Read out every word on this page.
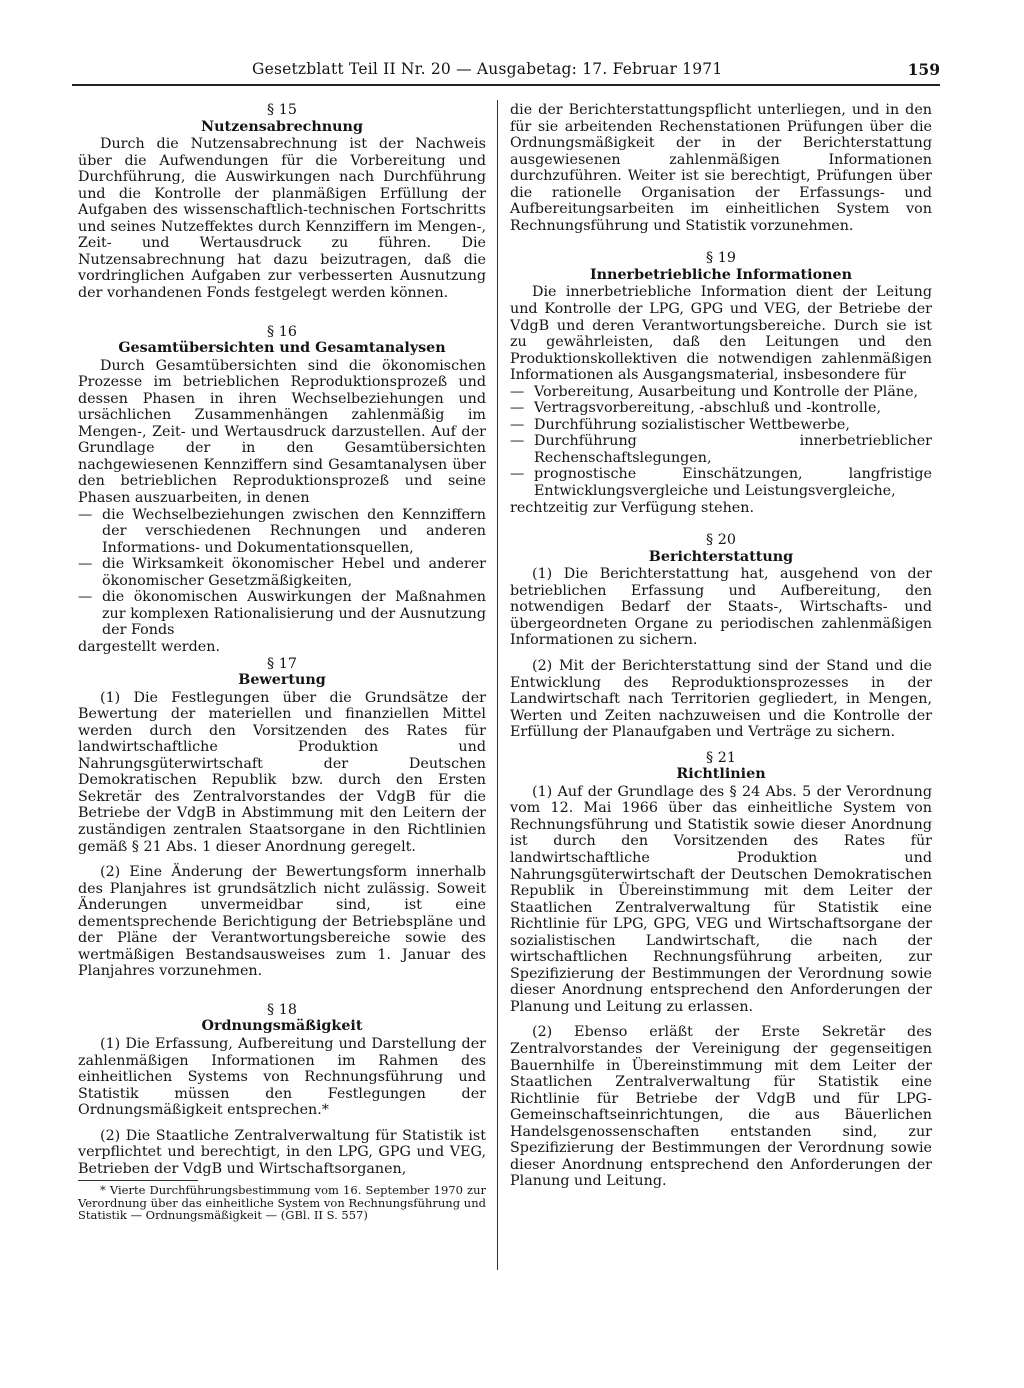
Gesetzblatt Teil II Nr. 20 — Ausgabetag: 17. Februar 1971	159
§ 15
Nutzensabrechnung

Durch die Nutzensabrechnung ist der Nachweis über die Aufwendungen für die Vorbereitung und Durchführung, die Auswirkungen nach Durchführung und die Kontrolle der planmäßigen Erfüllung der Aufgaben des wissenschaftlich-technischen Fortschritts und seines Nutzeffektes durch Kennziffern im Mengen-, Zeit- und Wertausdruck zu führen. Die Nutzensabrechnung hat dazu beizutragen, daß die vordringlichen Aufgaben zur verbesserten Ausnutzung der vorhandenen Fonds festgelegt werden können.

§ 16
Gesamtübersichten und Gesamtanalysen

Durch Gesamtübersichten sind die ökonomischen Prozesse im betrieblichen Reproduktionsprozeß und dessen Phasen in ihren Wechselbeziehungen und ursächlichen Zusammenhängen zahlenmäßig im Mengen-, Zeit- und Wertausdruck darzustellen. Auf der Grundlage der in den Gesamtübersichten nachgewiesenen Kennziffern sind Gesamtanalysen über den betrieblichen Reproduktionsprozeß und seine Phasen auszuarbeiten, in denen

— die Wechselbeziehungen zwischen den Kennziffern der verschiedenen Rechnungen und anderen Informations- und Dokumentationsquellen,
— die Wirksamkeit ökonomischer Hebel und anderer ökonomischer Gesetzmäßigkeiten,
— die ökonomischen Auswirkungen der Maßnahmen zur komplexen Rationalisierung und der Ausnutzung der Fonds

dargestellt werden.

§ 17
Bewertung

(1) Die Festlegungen über die Grundsätze der Bewertung der materiellen und finanziellen Mittel werden durch den Vorsitzenden des Rates für landwirtschaftliche Produktion und Nahrungsgüterwirtschaft der Deutschen Demokratischen Republik bzw. durch den Ersten Sekretär des Zentralvorstandes der VdgB für die Betriebe der VdgB in Abstimmung mit den Leitern der zuständigen zentralen Staatsorgane in den Richtlinien gemäß § 21 Abs. 1 dieser Anordnung geregelt.

(2) Eine Änderung der Bewertungsform innerhalb des Planjahres ist grundsätzlich nicht zulässig. Soweit Änderungen unvermeidbar sind, ist eine dementsprechende Berichtigung der Betriebspläne und der Pläne der Verantwortungsbereiche sowie des wertmäßigen Bestandsausweises zum 1. Januar des Planjahres vorzunehmen.

§ 18
Ordnungsmäßigkeit

(1) Die Erfassung, Aufbereitung und Darstellung der zahlenmäßigen Informationen im Rahmen des einheitlichen Systems von Rechnungsführung und Statistik müssen den Festlegungen der Ordnungsmäßigkeit entsprechen.*

(2) Die Staatliche Zentralverwaltung für Statistik ist verpflichtet und berechtigt, in den LPG, GPG und VEG, Betrieben der VdgB und Wirtschaftsorganen,

* Vierte Durchführungsbestimmung vom 16. September 1970 zur Verordnung über das einheitliche System von Rechnungsführung und Statistik — Ordnungsmäßigkeit — (GBl. II S. 557)

die der Berichterstattungspflicht unterliegen, und in den für sie arbeitenden Rechenstationen Prüfungen über die Ordnungsmäßigkeit der in der Berichterstattung ausgewiesenen zahlenmäßigen Informationen durchzuführen. Weiter ist sie berechtigt, Prüfungen über die rationelle Organisation der Erfassungs- und Aufbereitungsarbeiten im einheitlichen System von Rechnungsführung und Statistik vorzunehmen.

§ 19
Innerbetriebliche Informationen

Die innerbetriebliche Information dient der Leitung und Kontrolle der LPG, GPG und VEG, der Betriebe der VdgB und deren Verantwortungsbereiche. Durch sie ist zu gewährleisten, daß den Leitungen und den Produktionskollektiven die notwendigen zahlenmäßigen Informationen als Ausgangsmaterial, insbesondere für

— Vorbereitung, Ausarbeitung und Kontrolle der Pläne,
— Vertragsvorbereitung, -abschluß und -kontrolle,
— Durchführung sozialistischer Wettbewerbe,
— Durchführung innerbetrieblicher Rechenschaftslegungen,
— prognostische Einschätzungen, langfristige Entwicklungsvergleiche und Leistungsvergleiche,

rechtzeitig zur Verfügung stehen.

§ 20
Berichterstattung

(1) Die Berichterstattung hat, ausgehend von der betrieblichen Erfassung und Aufbereitung, den notwendigen Bedarf der Staats-, Wirtschafts- und übergeordneten Organe zu periodischen zahlenmäßigen Informationen zu sichern.

(2) Mit der Berichterstattung sind der Stand und die Entwicklung des Reproduktionsprozesses in der Landwirtschaft nach Territorien gegliedert, in Mengen, Werten und Zeiten nachzuweisen und die Kontrolle der Erfüllung der Planaufgaben und Verträge zu sichern.

§ 21
Richtlinien

(1) Auf der Grundlage des § 24 Abs. 5 der Verordnung vom 12. Mai 1966 über das einheitliche System von Rechnungsführung und Statistik sowie dieser Anordnung ist durch den Vorsitzenden des Rates für landwirtschaftliche Produktion und Nahrungsgüterwirtschaft der Deutschen Demokratischen Republik in Übereinstimmung mit dem Leiter der Staatlichen Zentralverwaltung für Statistik eine Richtlinie für LPG, GPG, VEG und Wirtschaftsorgane der sozialistischen Landwirtschaft, die nach der wirtschaftlichen Rechnungsführung arbeiten, zur Spezifizierung der Bestimmungen der Verordnung sowie dieser Anordnung entsprechend den Anforderungen der Planung und Leitung zu erlassen.

(2) Ebenso erläßt der Erste Sekretär des Zentralvorstandes der Vereinigung der gegenseitigen Bauernhilfe in Übereinstimmung mit dem Leiter der Staatlichen Zentralverwaltung für Statistik eine Richtlinie für Betriebe der VdgB und für LPG-Gemeinschaftseinrichtungen, die aus Bäuerlichen Handelsgenossenschaften entstanden sind, zur Spezifizierung der Bestimmungen der Verordnung sowie dieser Anordnung entsprechend den Anforderungen der Planung und Leitung.
